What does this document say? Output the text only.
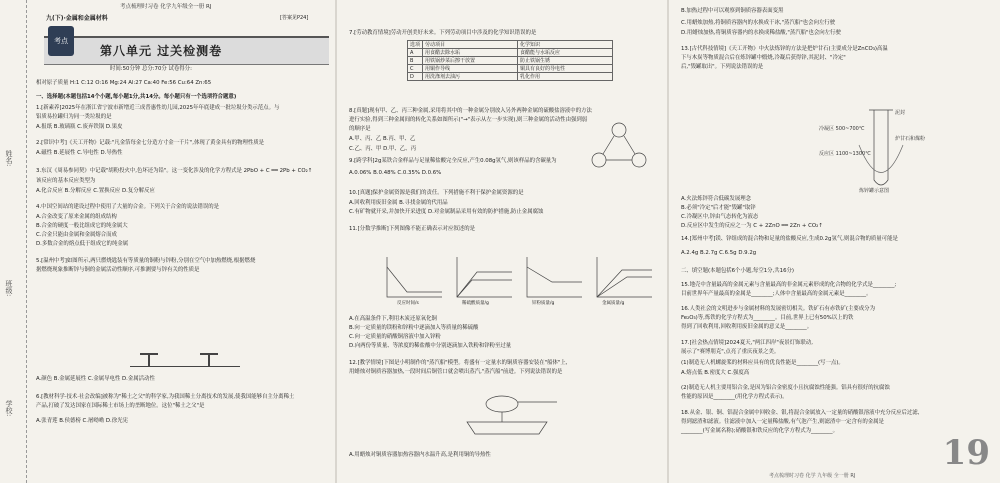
姓名:
班级:
学校:
考点梳理时习卷 化学九年级全一册 RJ
九(下)·金属和金属材料	[答案见P24]
第八单元 过关检测卷
考点
时间:50分钟 总分:70分 试卷得分:
相对原子质量 H:1 C:12 O:16 Mg:24 Al:27 Ca:40 Fe:56 Cu:64 Zn:65
一、选择题(本题包括14个小题,每小题1分,共14分。每小题只有一个选项符合题意)
1.[新素养]2025年在浙江省宁波市新增近三成普惠性幼儿园,2025年年底建成一批垃圾分类示范点。与
铝质易拉罐归为同一类垃圾的是
A.报纸 B.玻璃瓶 C.废弃铁锅 D.果皮
2.[常识中考]《天工开物》记载:"凡金箔每金七分造方寸金一千片",体现了黄金具有的物理性质是
A.磁性 B.延展性 C.导电性 D.导热性
3.东汉《周易参同契》中记载"胡粉投火中,色坏还为铅"。这一变化涉及的化学方程式是 2PbO + C ══ 2Pb + CO₂↑
该反应的基本反应类型为
A.化合反应 B.分解反应 C.置换反应 D.复分解反应
4.中国空间站的建设过程中使用了大量的合金。下列关于合金的说法错误的是
A.合金改变了原来金属的组成结构
B.合金的硬度一般比组成它的纯金属大
C.合金只能由金属和金属熔合而成
D.多数合金的熔点低于组成它的纯金属
5.[温州中考]如图所示,两只燃烧匙装有等质量的铜粉与锌粉,分别在空气中加热燃烧,根据燃烧
据燃烧现象推断锌与铜的金属活动性顺序,可推测要与锌有关的性质是
A.颜色 B.金属延展性 C.金属导电性 D.金属活动性
6.[教材科学·技术·社会改编]被称为"稀土之父"的科学家,为我国稀土分离技术的发展,使我国能够自主分离稀土
产品,打破了发达国家在国际稀土市场上的垄断地位。这位"稀土之父"是
A.张青莲 B.侯德榜 C.屠呦呦 D.徐光宪
选项	劳动项目	化学知识
A	用食醋去除水垢	食醋能与水垢反应
B	用铁锅炒菜后擦干放置	防止铁锅生锈
C	用铜作导线	铜具有良好的导电性
D	用洗涤剂去油污	乳化作用
反应时间/s	稀硫酸质量/g	锌粉质量/g	金属质量/g
7.[劳动教育情境]劳动开创美好未来。下列劳动项目中涉及的化学知识错误的是
8.[真题]现有甲、乙、丙三种金属,采用将其中的一种金属分别放入另外两种金属的硫酸盐溶液中的方法
进行实验,得到三种金属间的转化关系如图所示("→"表示从左一步实现),则三种金属的活动性由强到弱
的顺序是
A.甲、丙、乙 B.丙、甲、乙
C.乙、丙、甲 D.甲、乙、丙
9.[跨学科]2g某铁合金样品与足量稀盐酸完全反应,产生0.08g氢气,则该样品的含碳量为
A.0.06% B.0.48% C.0.35% D.0.6%
10.[真题]保护金属资源是我们的责任。下列措施不利于保护金属资源的是
A.回收利用废旧金属 B.寻找金属的代用品
C.有矿物就开采,并加快开采进度 D.对金属制品采用有效的防护措施,防止金属腐蚀
11.[分数学推断]下列图像不能正确表示对应叙述的是
A.在高温条件下,利用木炭还原氧化铜
B.向一定质量的镁粉和锌粉中逐滴加入等质量的稀硫酸
C.向一定质量的硝酸铜溶液中加入锌粉
D.向两份等质量、等浓度的稀盐酸中分别逐滴加入铁粉和锌粉至过量
12.[教学情境]下图是小明制作的"蒸汽船"模型。将盛有一定量水的铜质容器安装在"船体"上,
用蜡烛对铜质容器加热,一段时间后铜管口就会喷出蒸汽,"蒸汽船"前进。下列说法错误的是
A.用蜡烛对铜质容器加热容器内水温升高,是利用铜的导热性
B.加热过程中可以观察到铜质容器表面变黑
C.用蜡烛加热,将铜质容器内的水换成干冰,"蒸汽船"也会向左行驶
D.用蜡烛加热,将铜质容器内的水换成稀盐酸,"蒸汽船"也会向左行驶
13.[古代科技情境]《天工开物》中火法炼锌的方法是把炉甘石(主要成分是ZnCO₃)高温
下与木炭等物质混合后在炼锌罐中煅烧,冷凝后获得锌,其泥封、"冷定"
后,"毁罐取出"。下列说法错误的是
A.火法炼锌符合低碳发展理念
B.必须"冷定"后才能"毁罐"取锌
C.冷凝区中,锌由气态转化为液态
D.反应区中发生的反应之一为 C + 2ZnO ══ 2Zn + CO₂↑
14.[郑州中考]镁、锌组成的混合物和足量的盐酸反应,生成0.2g氢气,则混合物的质量可能是
A.2.4g B.2.7g C.6.5g D.9.2g
二、填空题(本题包括6个小题,每空1分,共16分)
15.地壳中含量最高的金属元素与含量最高的非金属元素形成的化合物的化学式是________;
目前世界年产量最高的金属是________;人体中含量最高的金属元素是________。
16.人类社会的文明进步与金属材料的发展密切相关。铁矿石有赤铁矿(主要成分为
Fe₂O₃)等,炼铁的化学方程式为________。目前,世界上已有50%以上的铁
得到了回收利用,回收利用废旧金属的意义是________。
17.[社会热点情境]2024夏天,"两江四岸"夜景灯饰联动,
展示了"赛博朋克",点亮了重庆夜景之美。
(1)制造无人机螺旋桨的材料应具有的优良性能是________(写一点)。
A.熔点低 B.密度大 C.强度高
(2)制造无人机主要用铝合金,是因为铝合金密度小且抗腐蚀性能强。铝具有很好的抗腐蚀
性能的原因是________(用化学方程式表示)。
18.从金、银、铜、铝混合金属中回收金、银,将混合金属放入一定量的硝酸银溶液中充分反应后过滤,
得到滤渣和滤液。往滤液中加入一定量稀盐酸,有气泡产生,则滤渣中一定含有的金属是
________(写金属名称);硝酸银和铁反应的化学方程式为________。
泥封
炉甘石和煤粉
冷凝区 500~700℃
反应区 1100~1300℃
炼锌罐示意图
考点梳理时习卷 化学 九年级 全一册 RJ
19
